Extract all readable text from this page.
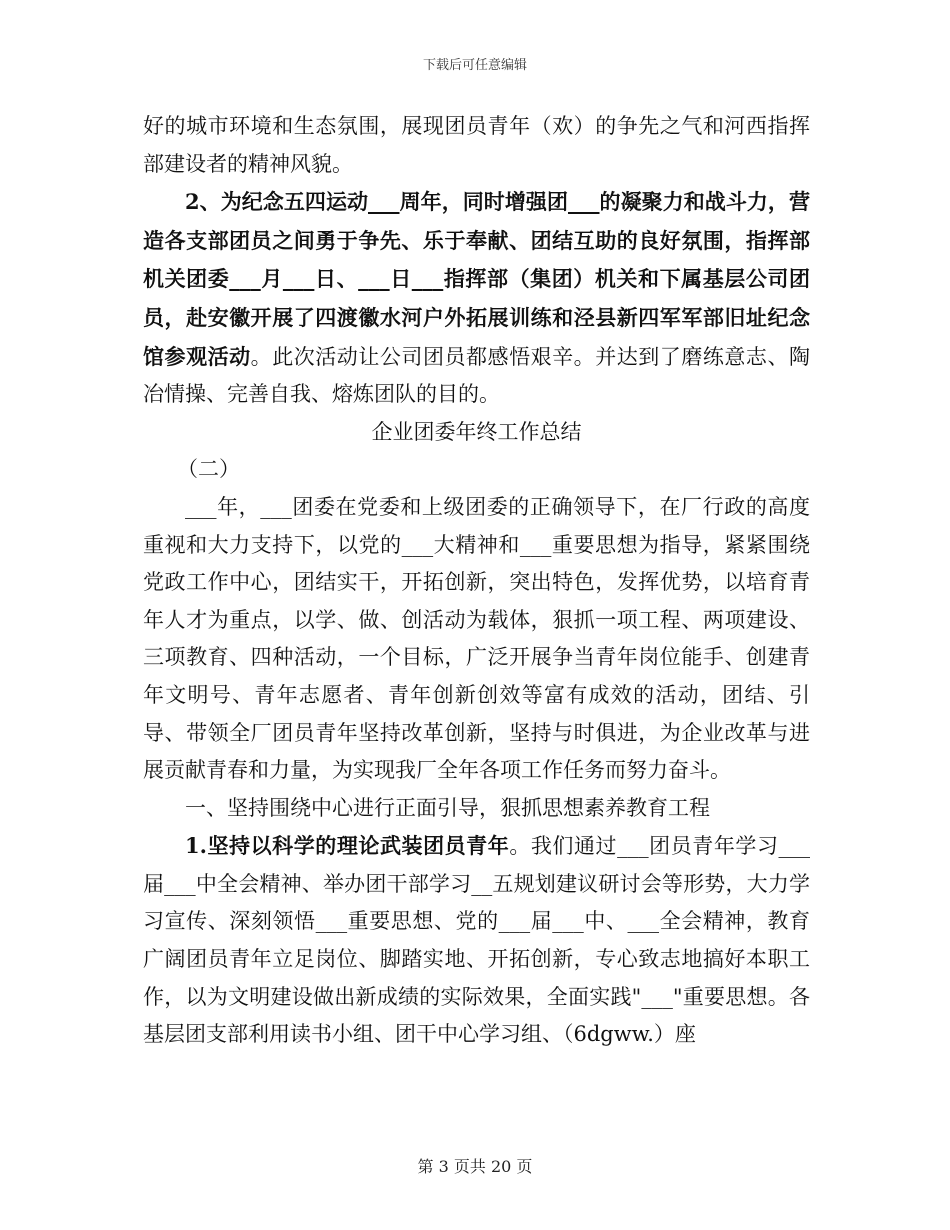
下载后可任意编辑

好的城市环境和生态氛围，展现团员青年（欢）的争先之气和河西指挥部建设者的精神风貌。

2、为纪念五四运动___周年，同时增强团___的凝聚力和战斗力，营造各支部团员之间勇于争先、乐于奉献、团结互助的良好氛围，指挥部机关团委___月___日、___日___指挥部（集团）机关和下属基层公司团员，赴安徽开展了四渡徽水河户外拓展训练和泾县新四军军部旧址纪念馆参观活动。此次活动让公司团员都感悟艰辛。并达到了磨练意志、陶冶情操、完善自我、熔炼团队的目的。

企业团委年终工作总结

（二）

___年，___团委在党委和上级团委的正确领导下，在厂行政的高度重视和大力支持下，以党的___大精神和___重要思想为指导，紧紧围绕党政工作中心，团结实干，开拓创新，突出特色，发挥优势，以培育青年人才为重点，以学、做、创活动为载体，狠抓一项工程、两项建设、三项教育、四种活动，一个目标，广泛开展争当青年岗位能手、创建青年文明号、青年志愿者、青年创新创效等富有成效的活动，团结、引导、带领全厂团员青年坚持改革创新，坚持与时俱进，为企业改革与进展贡献青春和力量，为实现我厂全年各项工作任务而努力奋斗。

一、坚持围绕中心进行正面引导，狠抓思想素养教育工程

1.坚持以科学的理论武装团员青年。我们通过___团员青年学习___届___中全会精神、举办团干部学习__五规划建议研讨会等形势，大力学习宣传、深刻领悟___重要思想、党的___届___中、___全会精神，教育广阔团员青年立足岗位、脚踏实地、开拓创新，专心致志地搞好本职工作，以为文明建设做出新成绩的实际效果，全面实践"___"重要思想。各基层团支部利用读书小组、团干中心学习组、（6dgww.）座

第 3 页共 20 页
